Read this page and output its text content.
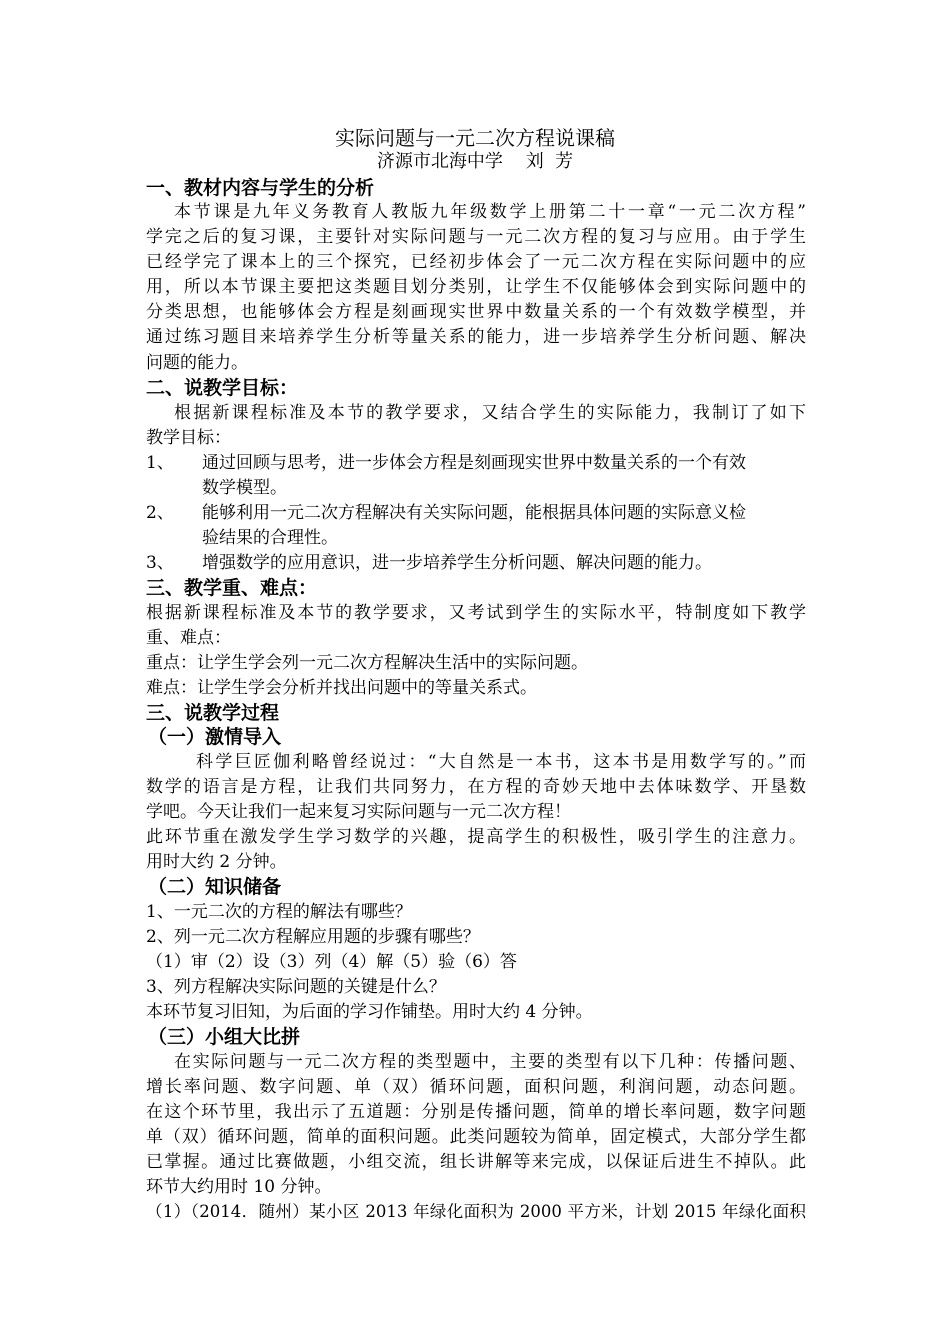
实际问题与一元二次方程说课稿
济源市北海中学    刘  芳
一、教材内容与学生的分析
本节课是九年义务教育人教版九年级数学上册第二十一章“一元二次方程”
学完之后的复习课，主要针对实际问题与一元二次方程的复习与应用。由于学生
已经学完了课本上的三个探究，已经初步体会了一元二次方程在实际问题中的应
用，所以本节课主要把这类题目划分类别，让学生不仅能够体会到实际问题中的
分类思想，也能够体会方程是刻画现实世界中数量关系的一个有效数学模型，并
通过练习题目来培养学生分析等量关系的能力，进一步培养学生分析问题、解决
问题的能力。
二、说教学目标：
根据新课程标准及本节的教学要求，又结合学生的实际能力，我制订了如下
教学目标：
1、 通过回顾与思考，进一步体会方程是刻画现实世界中数量关系的一个有效
数学模型。
2、 能够利用一元二次方程解决有关实际问题，能根据具体问题的实际意义检
验结果的合理性。
3、 增强数学的应用意识，进一步培养学生分析问题、解决问题的能力。
三、教学重、难点：
根据新课程标准及本节的教学要求，又考试到学生的实际水平，特制度如下教学
重、难点：
重点：让学生学会列一元二次方程解决生活中的实际问题。
难点：让学生学会分析并找出问题中的等量关系式。
三、说教学过程
（一）激情导入
科学巨匠伽利略曾经说过：“大自然是一本书，这本书是用数学写的。”而
数学的语言是方程，让我们共同努力，在方程的奇妙天地中去体味数学、开垦数
学吧。今天让我们一起来复习实际问题与一元二次方程！
此环节重在激发学生学习数学的兴趣，提高学生的积极性，吸引学生的注意力。
用时大约 2 分钟。
（二）知识储备
1、一元二次的方程的解法有哪些？
2、列一元二次方程解应用题的步骤有哪些？
（1）审（2）设（3）列（4）解（5）验（6）答
3、列方程解决实际问题的关键是什么？
本环节复习旧知，为后面的学习作铺垫。用时大约 4 分钟。
（三）小组大比拼
在实际问题与一元二次方程的类型题中，主要的类型有以下几种：传播问题、
增长率问题、数字问题、单（双）循环问题，面积问题，利润问题，动态问题。
在这个环节里，我出示了五道题：分别是传播问题，简单的增长率问题，数字问题
单（双）循环问题，简单的面积问题。此类问题较为简单，固定模式，大部分学生都
已掌握。通过比赛做题，小组交流，组长讲解等来完成，以保证后进生不掉队。此
环节大约用时 10 分钟。
（1）（2014．随州）某小区 2013 年绿化面积为 2000 平方米，计划 2015 年绿化面积
